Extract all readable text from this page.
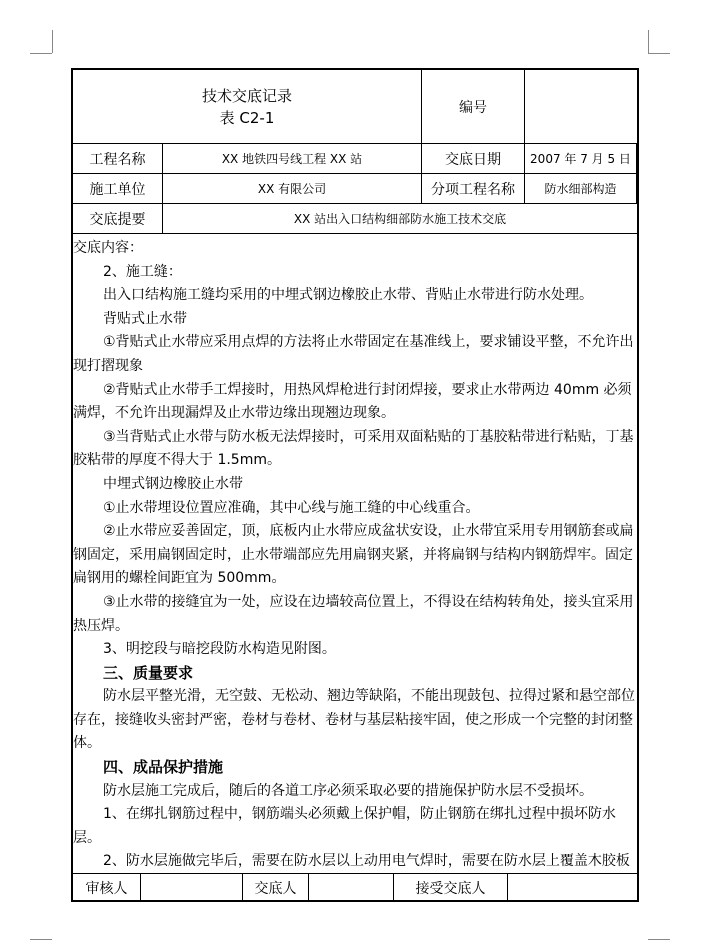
技术交底记录
表 C2-1
编号
工程名称	XX 地铁四号线工程 XX 站	交底日期	2007 年 7 月 5 日
施工单位	XX 有限公司	分项工程名称	防水细部构造
交底提要	XX 站出入口结构细部防水施工技术交底

交底内容：

2、施工缝：

出入口结构施工缝均采用的中埋式钢边橡胶止水带、背贴止水带进行防水处理。

背贴式止水带

①背贴式止水带应采用点焊的方法将止水带固定在基准线上，要求铺设平整，不允许出现打摺现象

②背贴式止水带手工焊接时，用热风焊枪进行封闭焊接，要求止水带两边 40mm 必须满焊，不允许出现漏焊及止水带边缘出现翘边现象。

③当背贴式止水带与防水板无法焊接时，可采用双面粘贴的丁基胶粘带进行粘贴，丁基胶粘带的厚度不得大于 1.5mm。

中埋式钢边橡胶止水带

①止水带埋设位置应准确，其中心线与施工缝的中心线重合。

②止水带应妥善固定，顶，底板内止水带应成盆状安设，止水带宜采用专用钢筋套或扁钢固定，采用扁钢固定时，止水带端部应先用扁钢夹紧，并将扁钢与结构内钢筋焊牢。固定扁钢用的螺栓间距宜为 500mm。

③止水带的接缝宜为一处，应设在边墙较高位置上，不得设在结构转角处，接头宜采用热压焊。

3、明挖段与暗挖段防水构造见附图。

三、质量要求

防水层平整光滑，无空鼓、无松动、翘边等缺陷，不能出现鼓包、拉得过紧和悬空部位存在，接缝收头密封严密，卷材与卷材、卷材与基层粘接牢固，使之形成一个完整的封闭整体。

四、成品保护措施

防水层施工完成后，随后的各道工序必须采取必要的措施保护防水层不受损坏。

1、在绑扎钢筋过程中，钢筋端头必须戴上保护帽，防止钢筋在绑扎过程中损坏防水层。

2、防水层施做完毕后，需要在防水层以上动用电气焊时，需要在防水层上覆盖木胶板

审核人	交底人	接受交底人
